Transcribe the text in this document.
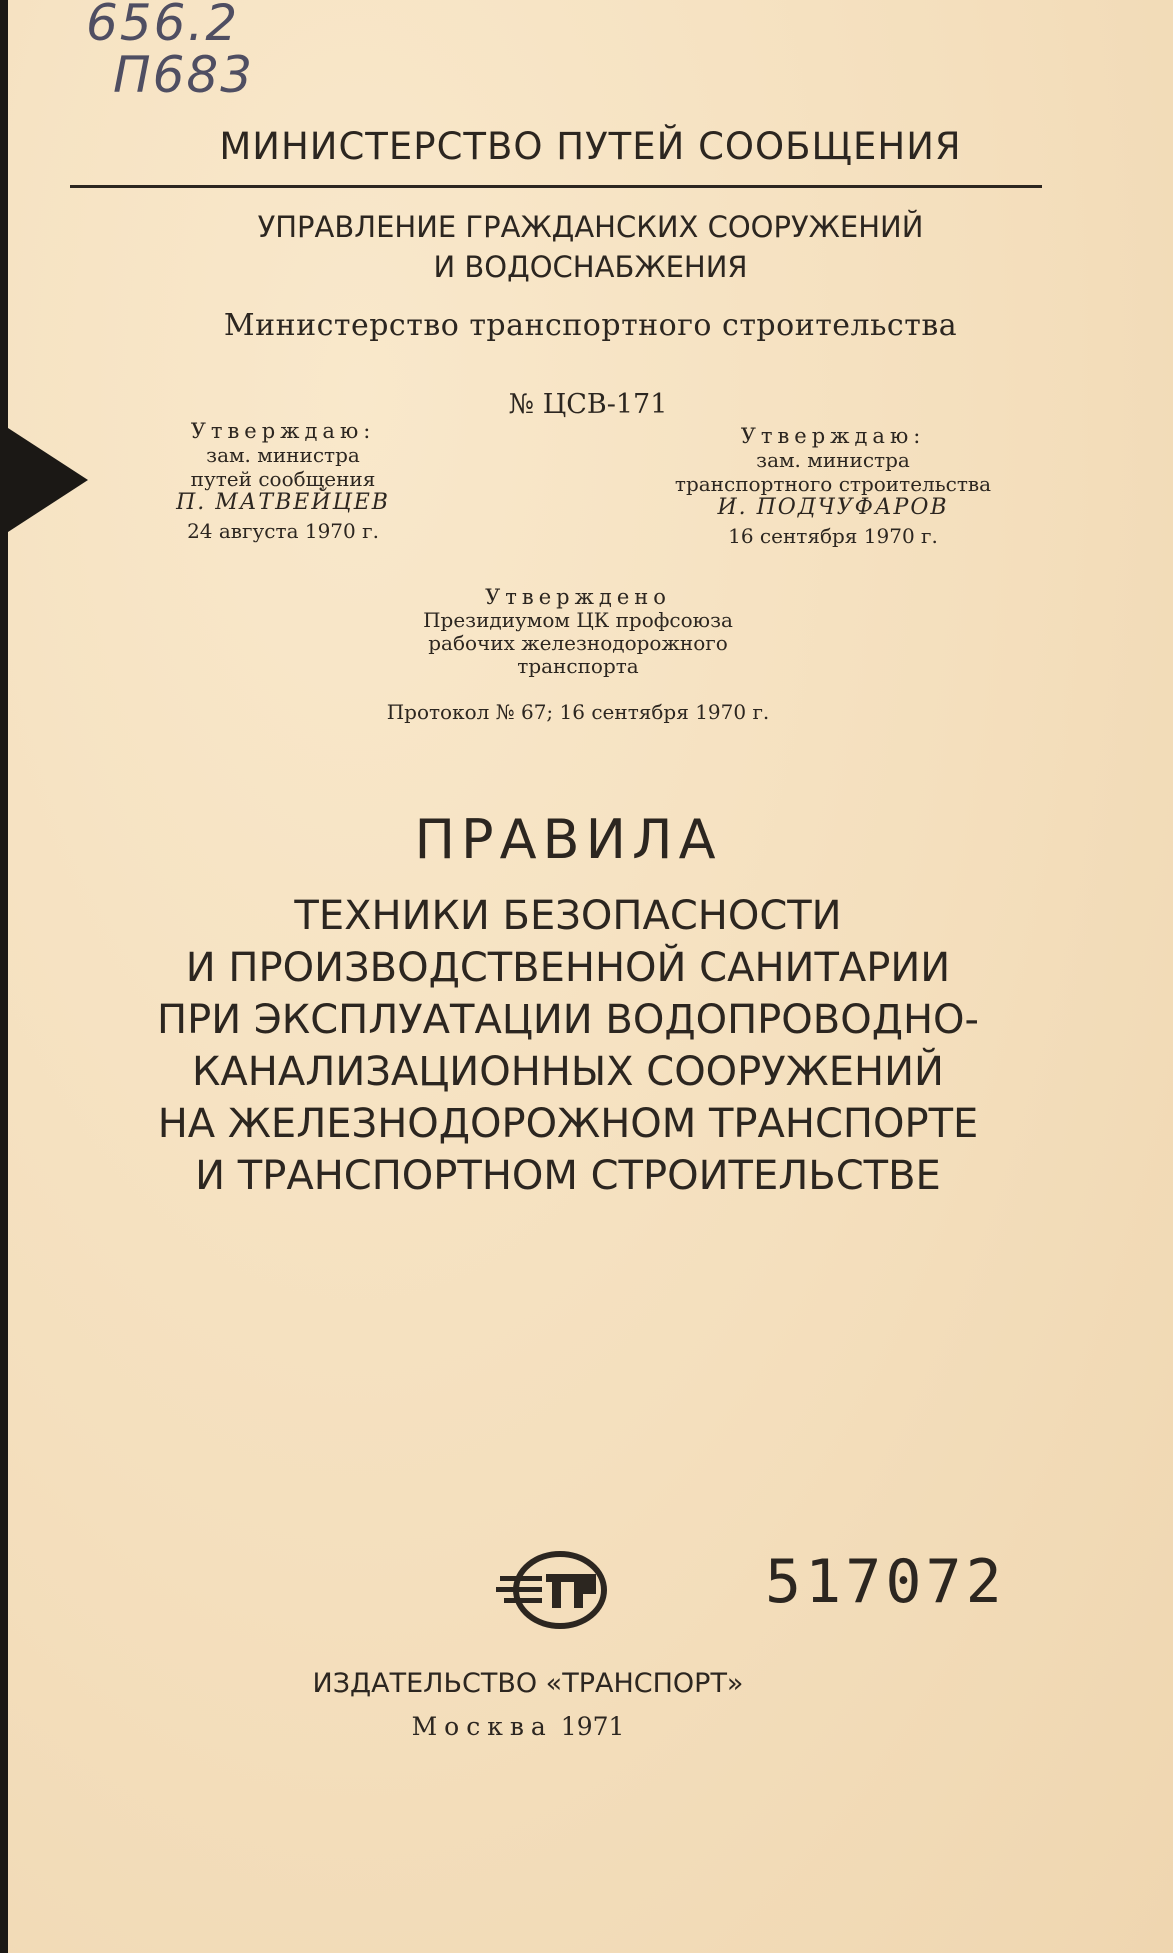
656.2
П683
МИНИСТЕРСТВО ПУТЕЙ СООБЩЕНИЯ
УПРАВЛЕНИЕ ГРАЖДАНСКИХ СООРУЖЕНИЙ
И ВОДОСНАБЖЕНИЯ
Министерство транспортного строительства
№ ЦСВ-171
Утверждаю:
зам. министра
путей сообщения
П. МАТВЕЙЦЕВ
24 августа 1970 г.
Утверждаю:
зам. министра
транспортного строительства
И. ПОДЧУФАРОВ
16 сентября 1970 г.
Утверждено
Президиумом ЦК профсоюза
рабочих железнодорожного
транспорта
Протокол № 67; 16 сентября 1970 г.
ПРАВИЛА
ТЕХНИКИ БЕЗОПАСНОСТИ
И ПРОИЗВОДСТВЕННОЙ САНИТАРИИ
ПРИ ЭКСПЛУАТАЦИИ ВОДОПРОВОДНО-
КАНАЛИЗАЦИОННЫХ СООРУЖЕНИЙ
НА ЖЕЛЕЗНОДОРОЖНОМ ТРАНСПОРТЕ
И ТРАНСПОРТНОМ СТРОИТЕЛЬСТВЕ
517072
ИЗДАТЕЛЬСТВО «ТРАНСПОРТ»
Москва 1971
